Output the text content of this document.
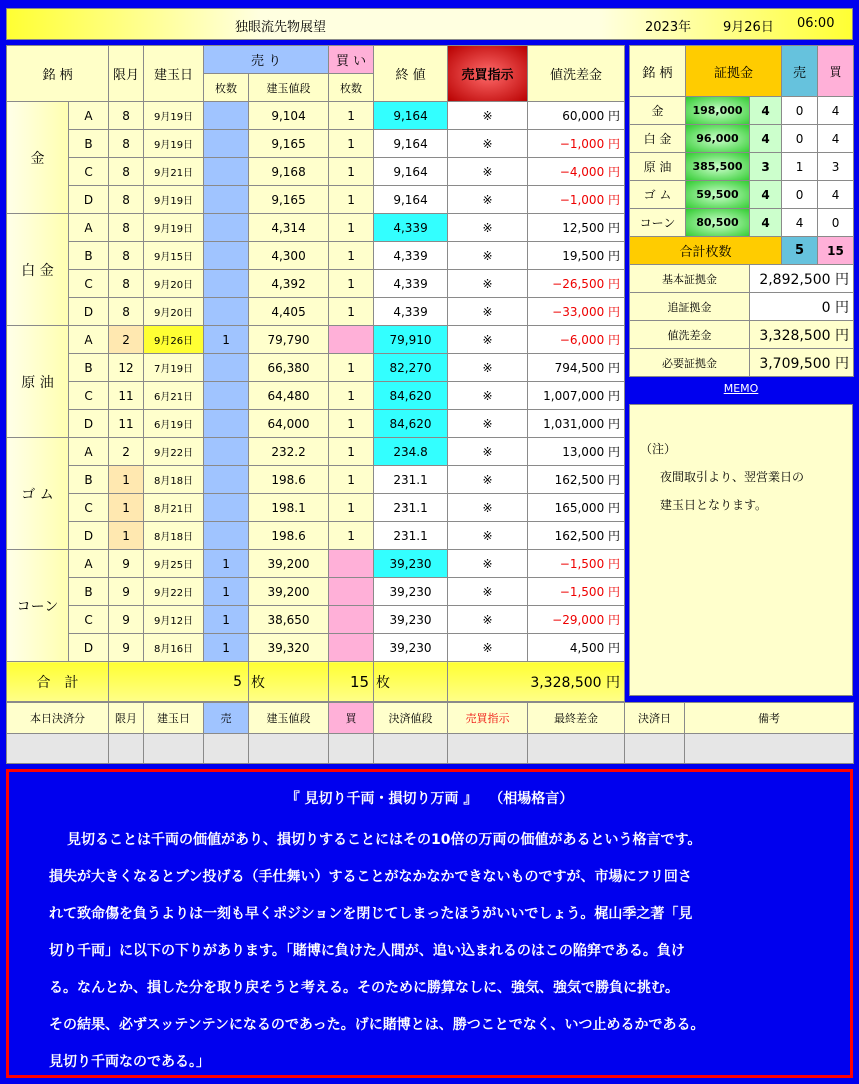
独眼流先物展望	2023年 9月26日 06:00
銘 柄		限月	建玉日	売 り		買 い	終 値	売買指示	値洗差金
				枚数	建玉値段	枚数			
金	A	8	9月19日		9,104	1	9,164	※	60,000 円
	B	8	9月19日		9,165	1	9,164	※	−1,000 円
	C	8	9月21日		9,168	1	9,164	※	−4,000 円
	D	8	9月19日		9,165	1	9,164	※	−1,000 円
白 金	A	8	9月19日		4,314	1	4,339	※	12,500 円
	B	8	9月15日		4,300	1	4,339	※	19,500 円
	C	8	9月20日		4,392	1	4,339	※	−26,500 円
	D	8	9月20日		4,405	1	4,339	※	−33,000 円
原 油	A	2	9月26日	1	79,790		79,910	※	−6,000 円
	B	12	7月19日		66,380	1	82,270	※	794,500 円
	C	11	6月21日		64,480	1	84,620	※	1,007,000 円
	D	11	6月19日		64,000	1	84,620	※	1,031,000 円
ゴ ム	A	2	9月22日		232.2	1	234.8	※	13,000 円
	B	1	8月18日		198.6	1	231.1	※	162,500 円
	C	1	8月21日		198.1	1	231.1	※	165,000 円
	D	1	8月18日		198.6	1	231.1	※	162,500 円
コーン	A	9	9月25日	1	39,200		39,230	※	−1,500 円
	B	9	9月22日	1	39,200		39,230	※	−1,500 円
	C	9	9月12日	1	38,650		39,230	※	−29,000 円
	D	9	8月16日	1	39,320		39,230	※	4,500 円
合　計		5			枚	15	枚	3,328,500 円	
銘 柄	証拠金		売	買
金	198,000	4	0	4
白 金	96,000	4	0	4
原 油	385,500	3	1	3
ゴ ム	59,500	4	0	4
コーン	80,500	4	4	0
合計枚数			5	15
基本証拠金		2,892,500 円		
追証拠金		0 円		
値洗差金		3,328,500 円		
必要証拠金		3,709,500 円		
MEMO
（注）
夜間取引より、翌営業日の
建玉日となります。
本日決済分	限月	建玉日	売	建玉値段	買	決済値段	売買指示	最終差金	決済日	備考

『 見切り千両・損切り万両 』　 （相場格言）
見切ることは千両の価値があり、損切りすることにはその10倍の万両の価値があるという格言です。
損失が大きくなるとブン投げる（手仕舞い）することがなかなかできないものですが、市場にフリ回さ
れて致命傷を負うよりは一刻も早くポジションを閉じてしまったほうがいいでしょう。梶山季之著「見
切り千両」に以下の下りがあります。「賭博に負けた人間が、追い込まれるのはこの陥穽である。負け
る。なんとか、損した分を取り戻そうと考える。そのために勝算なしに、強気、強気で勝負に挑む。
その結果、必ずスッテンテンになるのであった。げに賭博とは、勝つことでなく、いつ止めるかである。
見切り千両なのである。」
